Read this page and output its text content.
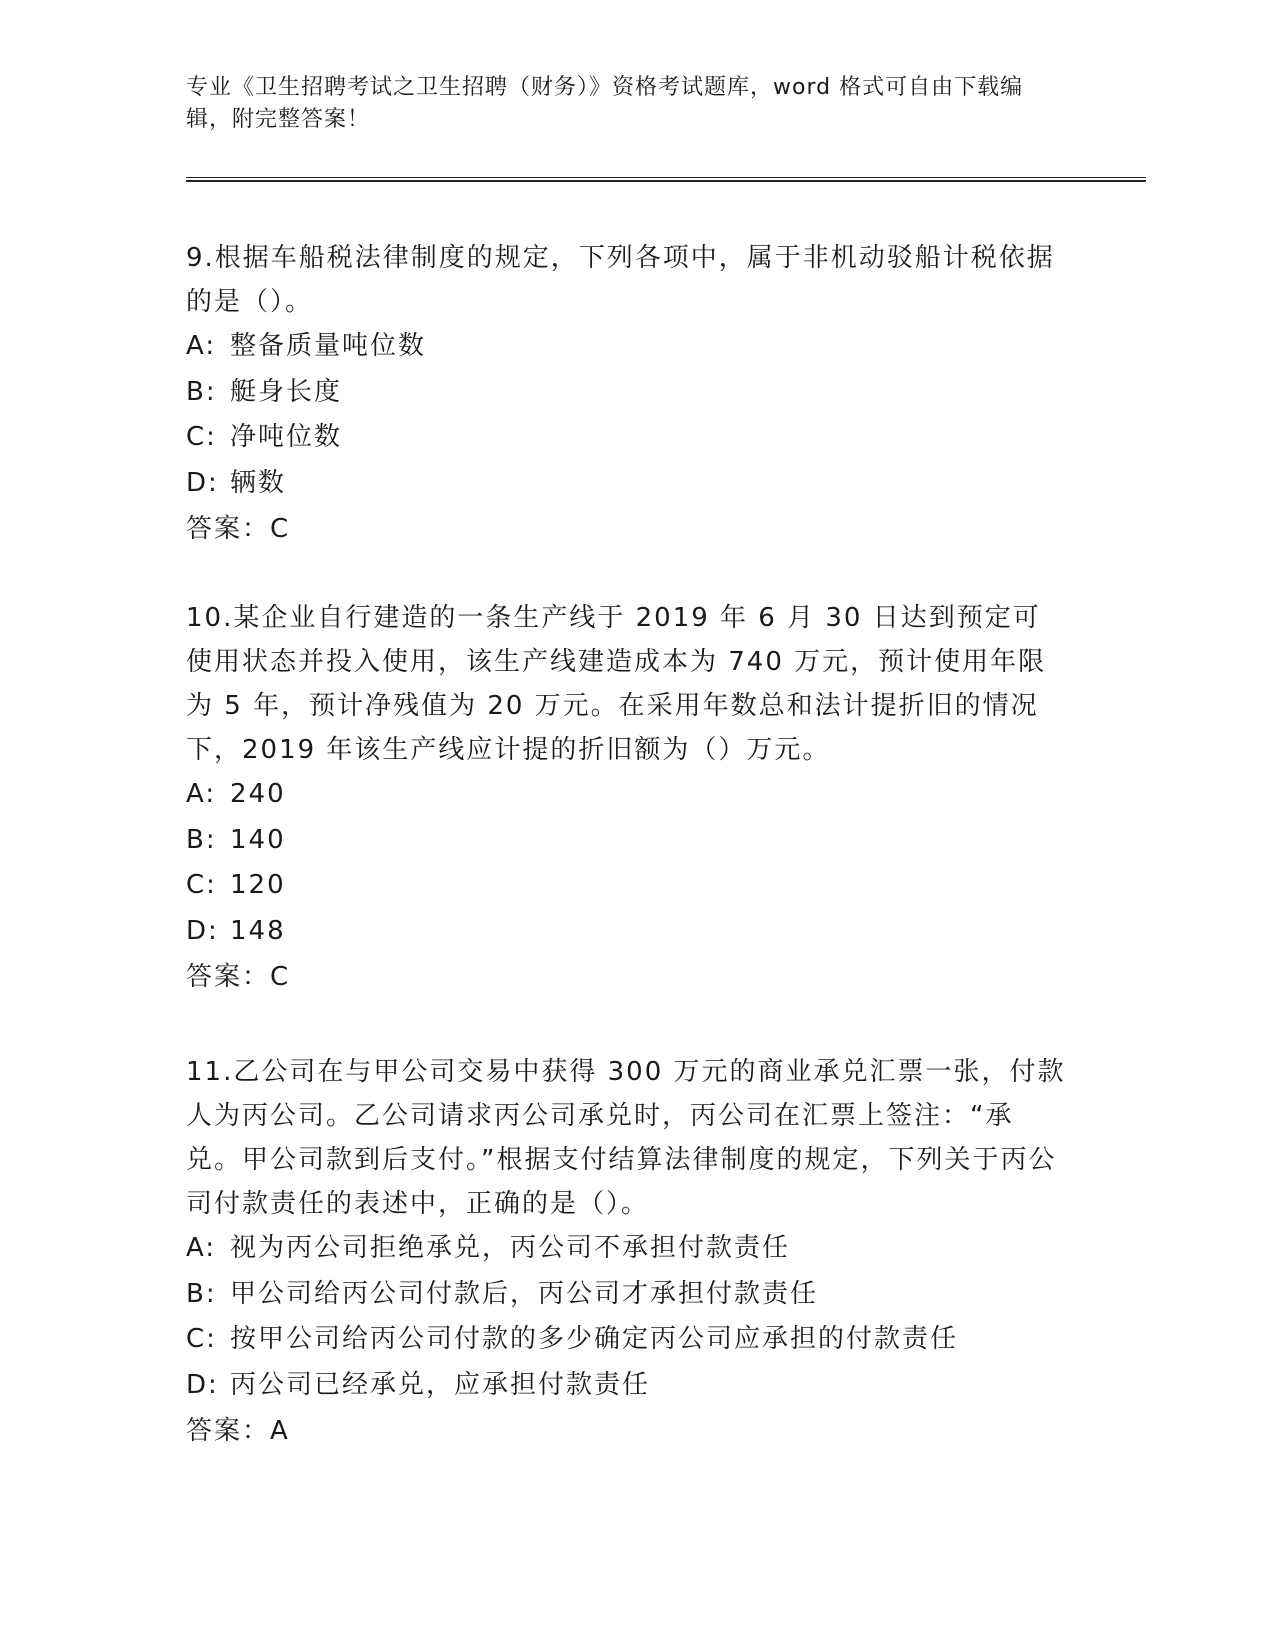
专业《卫生招聘考试之卫生招聘（财务）》资格考试题库，word 格式可自由下载编辑，附完整答案！

9.根据车船税法律制度的规定，下列各项中，属于非机动驳船计税依据的是（）。

A: 整备质量吨位数

B: 艇身长度

C: 净吨位数

D: 辆数

答案：C

10.某企业自行建造的一条生产线于 2019 年 6 月 30 日达到预定可使用状态并投入使用，该生产线建造成本为 740 万元，预计使用年限为 5 年，预计净残值为 20 万元。在采用年数总和法计提折旧的情况下，2019 年该生产线应计提的折旧额为（）万元。

A: 240

B: 140

C: 120

D: 148

答案：C

11.乙公司在与甲公司交易中获得 300 万元的商业承兑汇票一张，付款人为丙公司。乙公司请求丙公司承兑时，丙公司在汇票上签注：“承兑。甲公司款到后支付。”根据支付结算法律制度的规定，下列关于丙公司付款责任的表述中，正确的是（）。

A: 视为丙公司拒绝承兑，丙公司不承担付款责任

B: 甲公司给丙公司付款后，丙公司才承担付款责任

C: 按甲公司给丙公司付款的多少确定丙公司应承担的付款责任

D: 丙公司已经承兑，应承担付款责任

答案：A
